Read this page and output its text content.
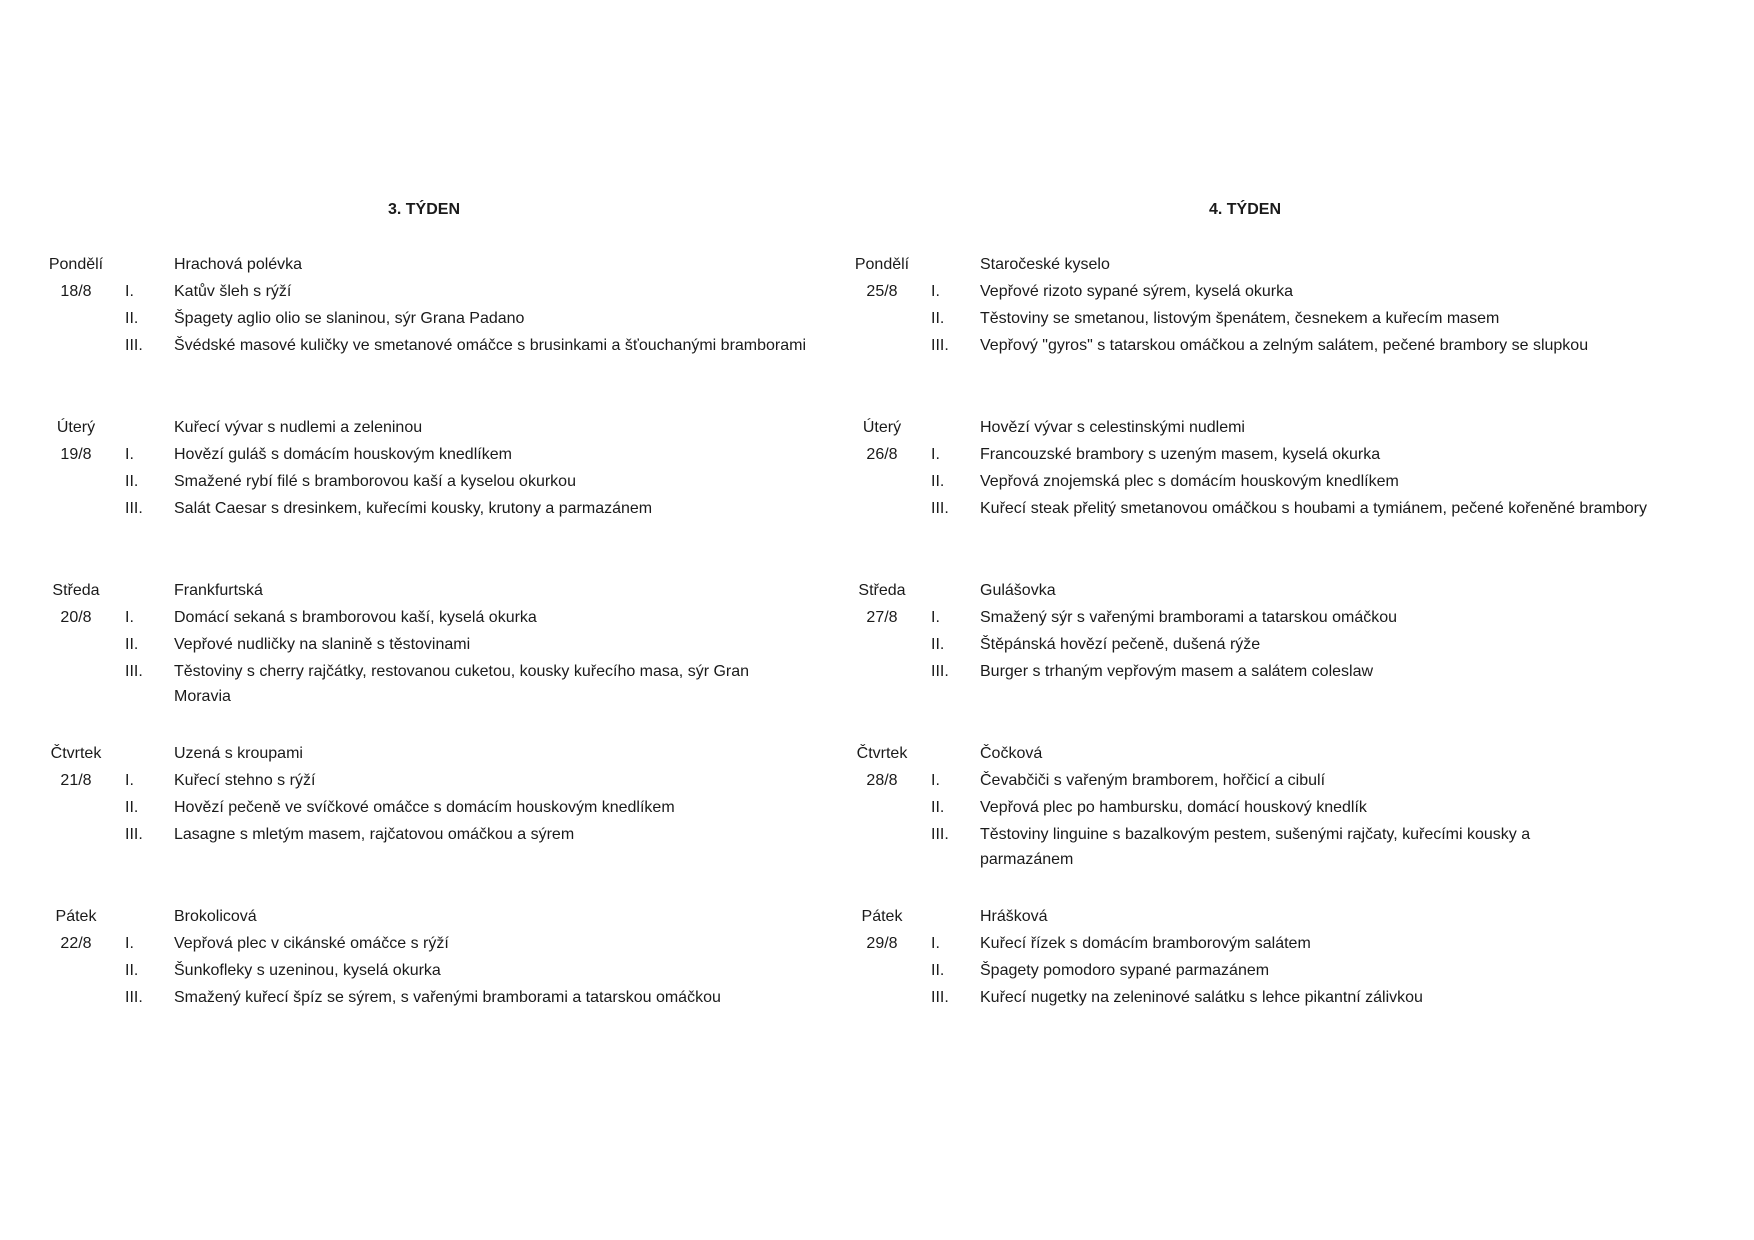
3. TÝDEN
Pondělí	Hrachová polévka
18/8	I.	Katův šleh s rýží
II.	Špagety aglio olio se slaninou, sýr Grana Padano
III.	Švédské masové kuličky ve smetanové omáčce s brusinkami a šťouchanými bramborami
Úterý	Kuřecí vývar s nudlemi a zeleninou
19/8	I.	Hovězí guláš s domácím houskovým knedlíkem
II.	Smažené rybí filé s bramborovou kaší a kyselou okurkou
III.	Salát Caesar s dresinkem, kuřecími kousky, krutony a parmazánem
Středa	Frankfurtská
20/8	I.	Domácí sekaná s bramborovou kaší, kyselá okurka
II.	Vepřové nudličky na slanině s těstovinami
III.	Těstoviny s cherry rajčátky, restovanou cuketou, kousky kuřecího masa, sýr Gran Moravia
Čtvrtek	Uzená s kroupami
21/8	I.	Kuřecí stehno s rýží
II.	Hovězí pečeně ve svíčkové omáčce s domácím houskovým knedlíkem
III.	Lasagne s mletým masem, rajčatovou omáčkou a sýrem
Pátek	Brokolicová
22/8	I.	Vepřová plec v cikánské omáčce s rýží
II.	Šunkofleky s uzeninou, kyselá okurka
III.	Smažený kuřecí špíz se sýrem, s vařenými bramborami a tatarskou omáčkou
4. TÝDEN
Pondělí	Staročeské kyselo
25/8	I.	Vepřové rizoto sypané sýrem, kyselá okurka
II.	Těstoviny se smetanou, listovým špenátem, česnekem a kuřecím masem
III.	Vepřový "gyros" s tatarskou omáčkou a zelným salátem, pečené brambory se slupkou
Úterý	Hovězí vývar s celestinskými nudlemi
26/8	I.	Francouzské brambory s uzeným masem, kyselá okurka
II.	Vepřová znojemská plec s domácím houskovým knedlíkem
III.	Kuřecí steak přelitý smetanovou omáčkou s houbami a tymiánem, pečené kořeněné brambory
Středa	Gulášovka
27/8	I.	Smažený sýr s vařenými bramborami a tatarskou omáčkou
II.	Štěpánská hovězí pečeně, dušená rýže
III.	Burger s trhaným vepřovým masem a salátem coleslaw
Čtvrtek	Čočková
28/8	I.	Čevabčiči s vařeným bramborem, hořčicí a cibulí
II.	Vepřová plec po hambursku, domácí houskový knedlík
III.	Těstoviny linguine s bazalkovým pestem, sušenými rajčaty, kuřecími kousky a parmazánem
Pátek	Hrášková
29/8	I.	Kuřecí řízek s domácím bramborovým salátem
II.	Špagety pomodoro sypané parmazánem
III.	Kuřecí nugetky na zeleninové salátku s lehce pikantní zálivkou
